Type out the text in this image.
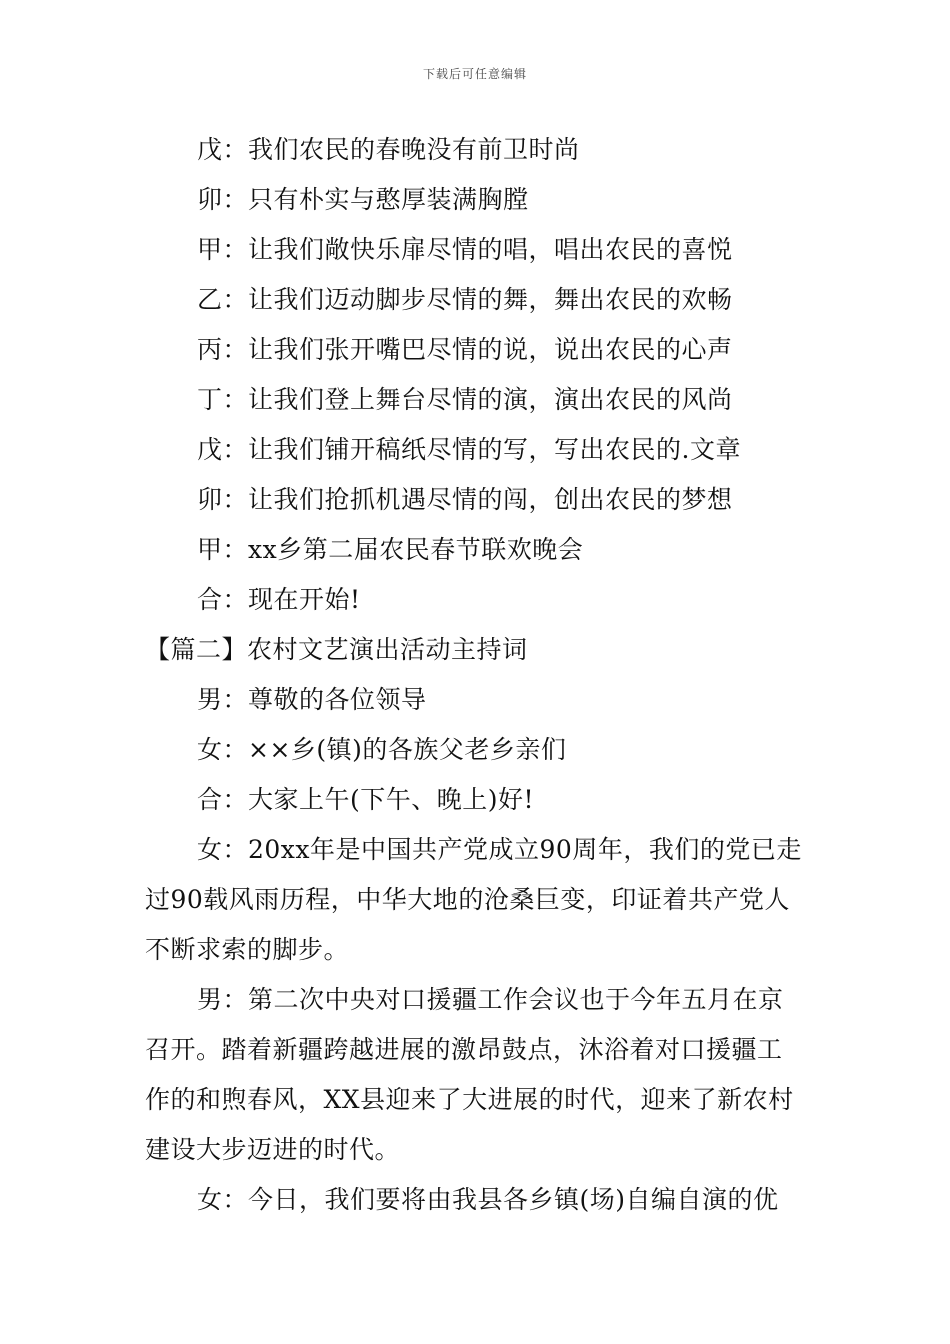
下载后可任意编辑
戊：我们农民的春晚没有前卫时尚
卯：只有朴实与憨厚装满胸膛
甲：让我们敞快乐扉尽情的唱，唱出农民的喜悦
乙：让我们迈动脚步尽情的舞，舞出农民的欢畅
丙：让我们张开嘴巴尽情的说，说出农民的心声
丁：让我们登上舞台尽情的演，演出农民的风尚
戊：让我们铺开稿纸尽情的写，写出农民的.文章
卯：让我们抢抓机遇尽情的闯，创出农民的梦想
甲：xx乡第二届农民春节联欢晚会
合：现在开始!
【篇二】农村文艺演出活动主持词
男：尊敬的各位领导
女：××乡(镇)的各族父老乡亲们
合：大家上午(下午、晚上)好!
女：20xx年是中国共产党成立90周年，我们的党已走
过90载风雨历程，中华大地的沧桑巨变，印证着共产党人
不断求索的脚步。
男：第二次中央对口援疆工作会议也于今年五月在京
召开。踏着新疆跨越进展的激昂鼓点，沐浴着对口援疆工
作的和煦春风，XX县迎来了大进展的时代，迎来了新农村
建设大步迈进的时代。
女：今日，我们要将由我县各乡镇(场)自编自演的优
